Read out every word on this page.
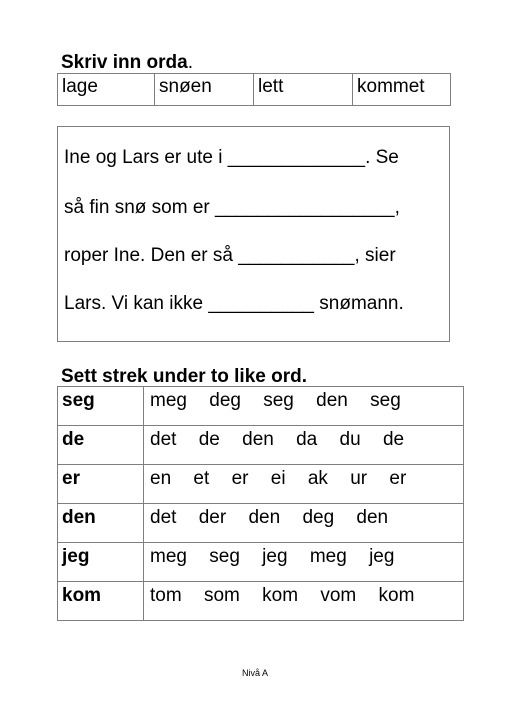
Skriv inn orda.
lage	snøen	lett	kommet
Ine og Lars er ute i _____________. Se
så fin snø som er _________________,
roper Ine. Den er så ___________, sier
Lars. Vi kan ikke __________ snømann.
Sett strek under to like ord.
seg	meg deg seg den seg
de	det de den da du de
er	en et er ei ak ur er
den	det der den deg den
jeg	meg seg jeg meg jeg
kom	tom som kom vom kom
Nivå A
